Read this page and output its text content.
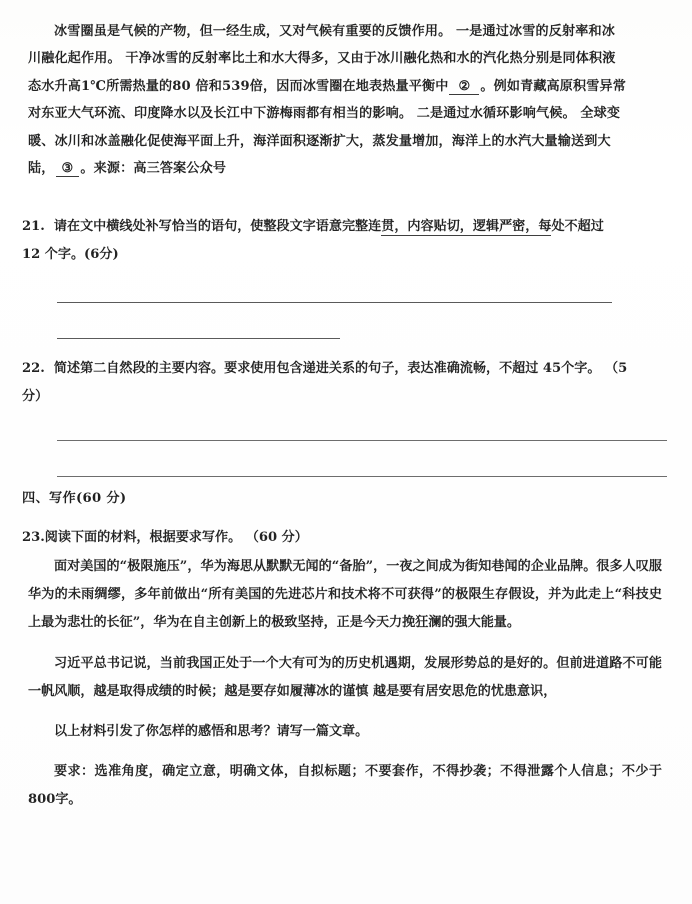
冰雪圈虽是气候的产物，但一经生成，又对气候有重要的反馈作用。 一是通过冰雪的反射率和冰
川融化起作用。 干净冰雪的反射率比土和水大得多，又由于冰川融化热和水的汽化热分别是同体积液
态水升高1℃所需热量的80 倍和539倍，因而冰雪圈在地表热量平衡中 ② 。例如青藏高原积雪异常
对东亚大气环流、印度降水以及长江中下游梅雨都有相当的影响。 二是通过水循环影响气候。 全球变
暖、冰川和冰盖融化促使海平面上升，海洋面积逐渐扩大，蒸发量增加，海洋上的水汽大量输送到大
陆， ③ 。来源：高三答案公众号
21. 请在文中横线处补写恰当的语句，使整段文字语意完整连贯，内容贴切，逻辑严密，每处不超过
12 个字。(6分)
22. 简述第二自然段的主要内容。要求使用包含递进关系的句子，表达准确流畅，不超过 45个字。 （5
分）
四、写作(60 分)
23.阅读下面的材料，根据要求写作。 （60 分）
面对美国的“极限施压”，华为海思从默默无闻的“备胎”，一夜之间成为街知巷闻的企业品牌。很多人叹服华为的未雨绸缪，多年前做出“所有美国的先进芯片和技术将不可获得”的极限生存假设，并为此走上“科技史上最为悲壮的长征”，华为在自主创新上的极致坚持，正是今天力挽狂澜的强大能量。
习近平总书记说，当前我国正处于一个大有可为的历史机遇期，发展形势总的是好的。但前进道路不可能一帆风顺，越是取得成绩的时候；越是要存如履薄冰的谨慎 越是要有居安思危的忧患意识，
以上材料引发了你怎样的感悟和思考？请写一篇文章。
要求：选准角度，确定立意，明确文体，自拟标题；不要套作，不得抄袭；不得泄露个人信息；不少于 800字。
